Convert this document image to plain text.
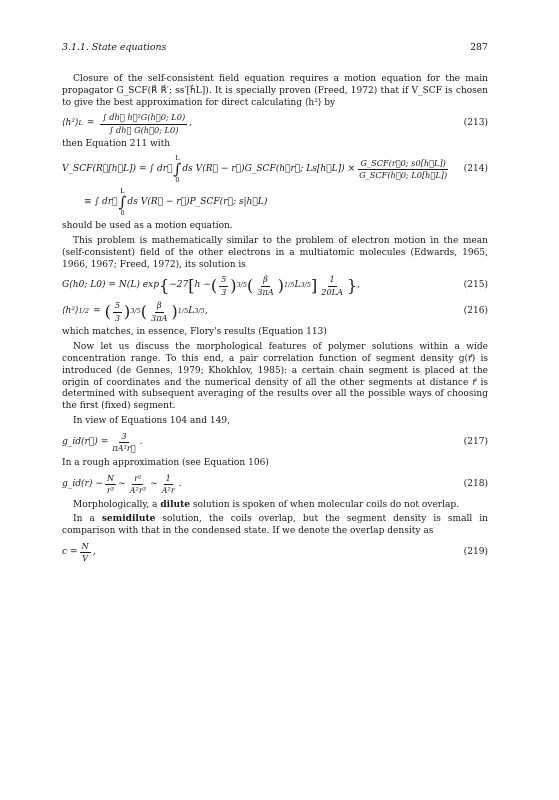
3.1.1. State equations	287

Closure of the self-consistent field equation requires a motion equation for the main propagator G_SCF(R⃗ R⃗′; ss′[h⃗L]). It is specially proven (Freed, 1972) that if V_SCF is chosen to give the best approximation for direct calculating ⟨h²⟩ by

⟨h²⟩ $L = \frac{\text{∫ dh⃗ h⃗²G(h⃗0; L0)}}{\int dh⃗ G(h⃗0; L0)}$ ,	(213)

then Equation 211 with

V_SCF(R⃗[h⃗L]) = ∫ dr⃗
L
∫
0
ds V(R⃗ − r⃗)G_SCF(h⃗r⃗; Ls[h⃗L]) × $\frac{\text{G\_SCF(r⃗0; s0[h⃗L])}}{\text{G\_SCF(h⃗0; L0[h⃗L])}} (214)$
≡ ∫ dr⃗
L
∫
0
ds V(R⃗ − r⃗)P_SCF(r⃗; s|h⃗L)

should be used as a motion equation.

This problem is mathematically similar to the problem of electron motion in the mean (self-consistent) field of the other electrons in a multiatomic molecules (Edwards, 1965, 1966, 1967; Freed, 1972), its solution is

G(h0; L0) = N(L) exp { −27 [ h − ( $\frac{5}{3}$ ) 3/5 ( $\frac{\beta}{3\pi A}$ ) 1/5 L 3/5 ] $\frac{1}{20LA}$ } ,	(215)
⟨h²⟩ 1/2 = ( $\frac{5}{3}$ ) 3/5 ( $\frac{\beta}{3\pi A}$ ) 1/5 L 3/5 ,	(216)

which matches, in essence, Flory's results (Equation 113)

Now let us discuss the morphological features of polymer solutions within a wide concentration range. To this end, a pair correlation function of segment density g(r⃗) is introduced (de Gennes, 1979; Khokhlov, 1985): a certain chain segment is placed at the origin of coordinates and the numerical density of all the other segments at distance r⃗ is determined with subsequent averaging of the results over all the possible ways of choosing the first (fixed) segment.

In view of Equations 104 and 149,

g_id(r⃗) = $\frac{3}{\text{πA²r⃗}}$ .	(217)

In a rough approximation (see Equation 106)

g_id(r) ∼ $\frac{N}{\text{r³}}$ ∼ $\frac{\text{r²}}{\text{A²r³}}$ ∼ $\frac{1}{\text{A²r}}$ .	(218)

Morphologically, a dilute solution is spoken of when molecular coils do not overlap.

In a semidilute solution, the coils overlap, but the segment density is small in comparison with that in the condensed state. If we denote the overlap density as

$c = \frac{N}{V}$ ,	(219)
